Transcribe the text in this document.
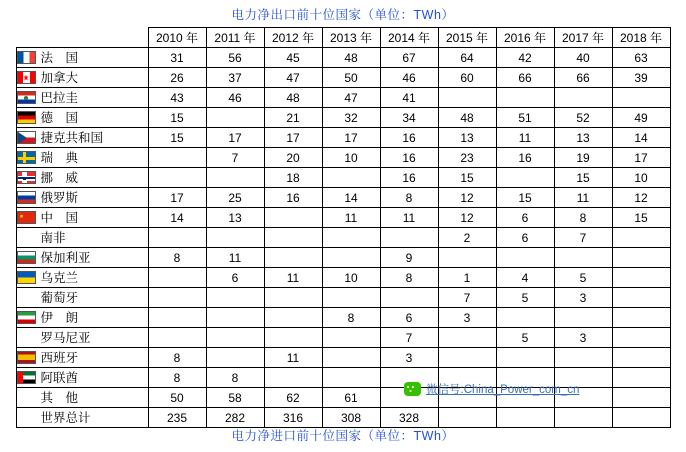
电力净出口前十位国家（单位：TWh）
	2010 年	2011 年	2012 年	2013 年	2014 年	2015 年	2016 年	2017 年	2018 年

法　国	31	56	45	48	67	64	42	40	63

加拿大	26	37	47	50	46	60	66	66	39

巴拉圭	43	46	48	47	41				

德　国	15		21	32	34	48	51	52	49

捷克共和国	15	17	17	17	16	13	11	13	14

瑞　典		7	20	10	16	23	16	19	17

挪　威			18		16	15		15	10

俄罗斯	17	25	16	14	8	12	15	11	12

中　国	14	13		11	11	12	6	8	15

南非						2	6	7	

保加利亚	8	11			9				

乌克兰		6	11	10	8	1	4	5	

葡萄牙						7	5	3	

伊　朗				8	6	3			

罗马尼亚					7		5	3	

西班牙	8		11		3				

阿联酋	8	8							

其　他	50	58	62	61					

世界总计	235	282	316	308	328				
微信号:China_Power_com_cn
电力净进口前十位国家（单位：TWh）
